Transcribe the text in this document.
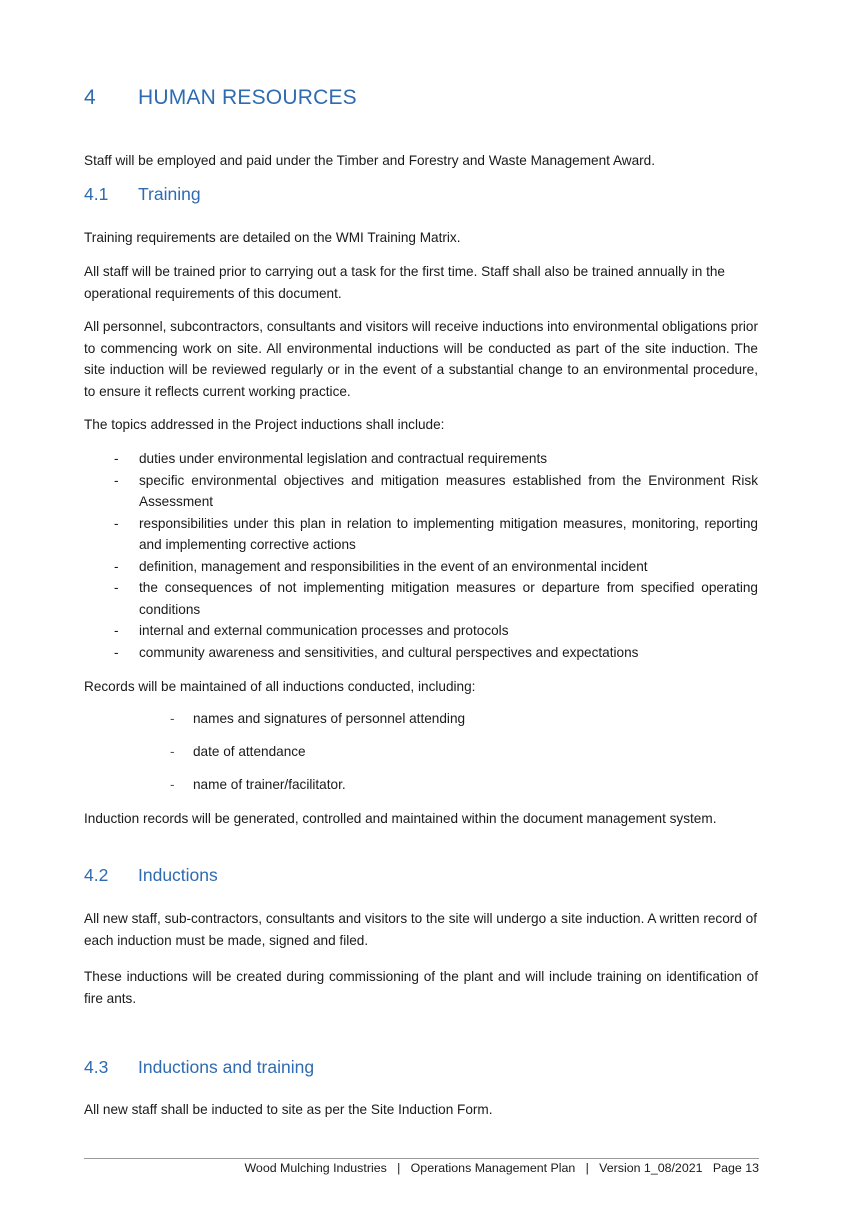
4 HUMAN RESOURCES

Staff will be employed and paid under the Timber and Forestry and Waste Management Award.

4.1 Training

Training requirements are detailed on the WMI Training Matrix.

All staff will be trained prior to carrying out a task for the first time. Staff shall also be trained annually in the operational requirements of this document.

All personnel, subcontractors, consultants and visitors will receive inductions into environmental obligations prior to commencing work on site. All environmental inductions will be conducted as part of the site induction. The site induction will be reviewed regularly or in the event of a substantial change to an environmental procedure, to ensure it reflects current working practice.

The topics addressed in the Project inductions shall include:

- duties under environmental legislation and contractual requirements
- specific environmental objectives and mitigation measures established from the Environment Risk Assessment
- responsibilities under this plan in relation to implementing mitigation measures, monitoring, reporting and implementing corrective actions
- definition, management and responsibilities in the event of an environmental incident
- the consequences of not implementing mitigation measures or departure from specified operating conditions
- internal and external communication processes and protocols
- community awareness and sensitivities, and cultural perspectives and expectations

Records will be maintained of all inductions conducted, including:

- names and signatures of personnel attending
- date of attendance
- name of trainer/facilitator.

Induction records will be generated, controlled and maintained within the document management system.

4.2 Inductions

All new staff, sub-contractors, consultants and visitors to the site will undergo a site induction. A written record of each induction must be made, signed and filed.

These inductions will be created during commissioning of the plant and will include training on identification of fire ants.

4.3 Inductions and training

All new staff shall be inducted to site as per the Site Induction Form.

Wood Mulching Industries   |   Operations Management Plan   |   Version 1_08/2021   Page 13
